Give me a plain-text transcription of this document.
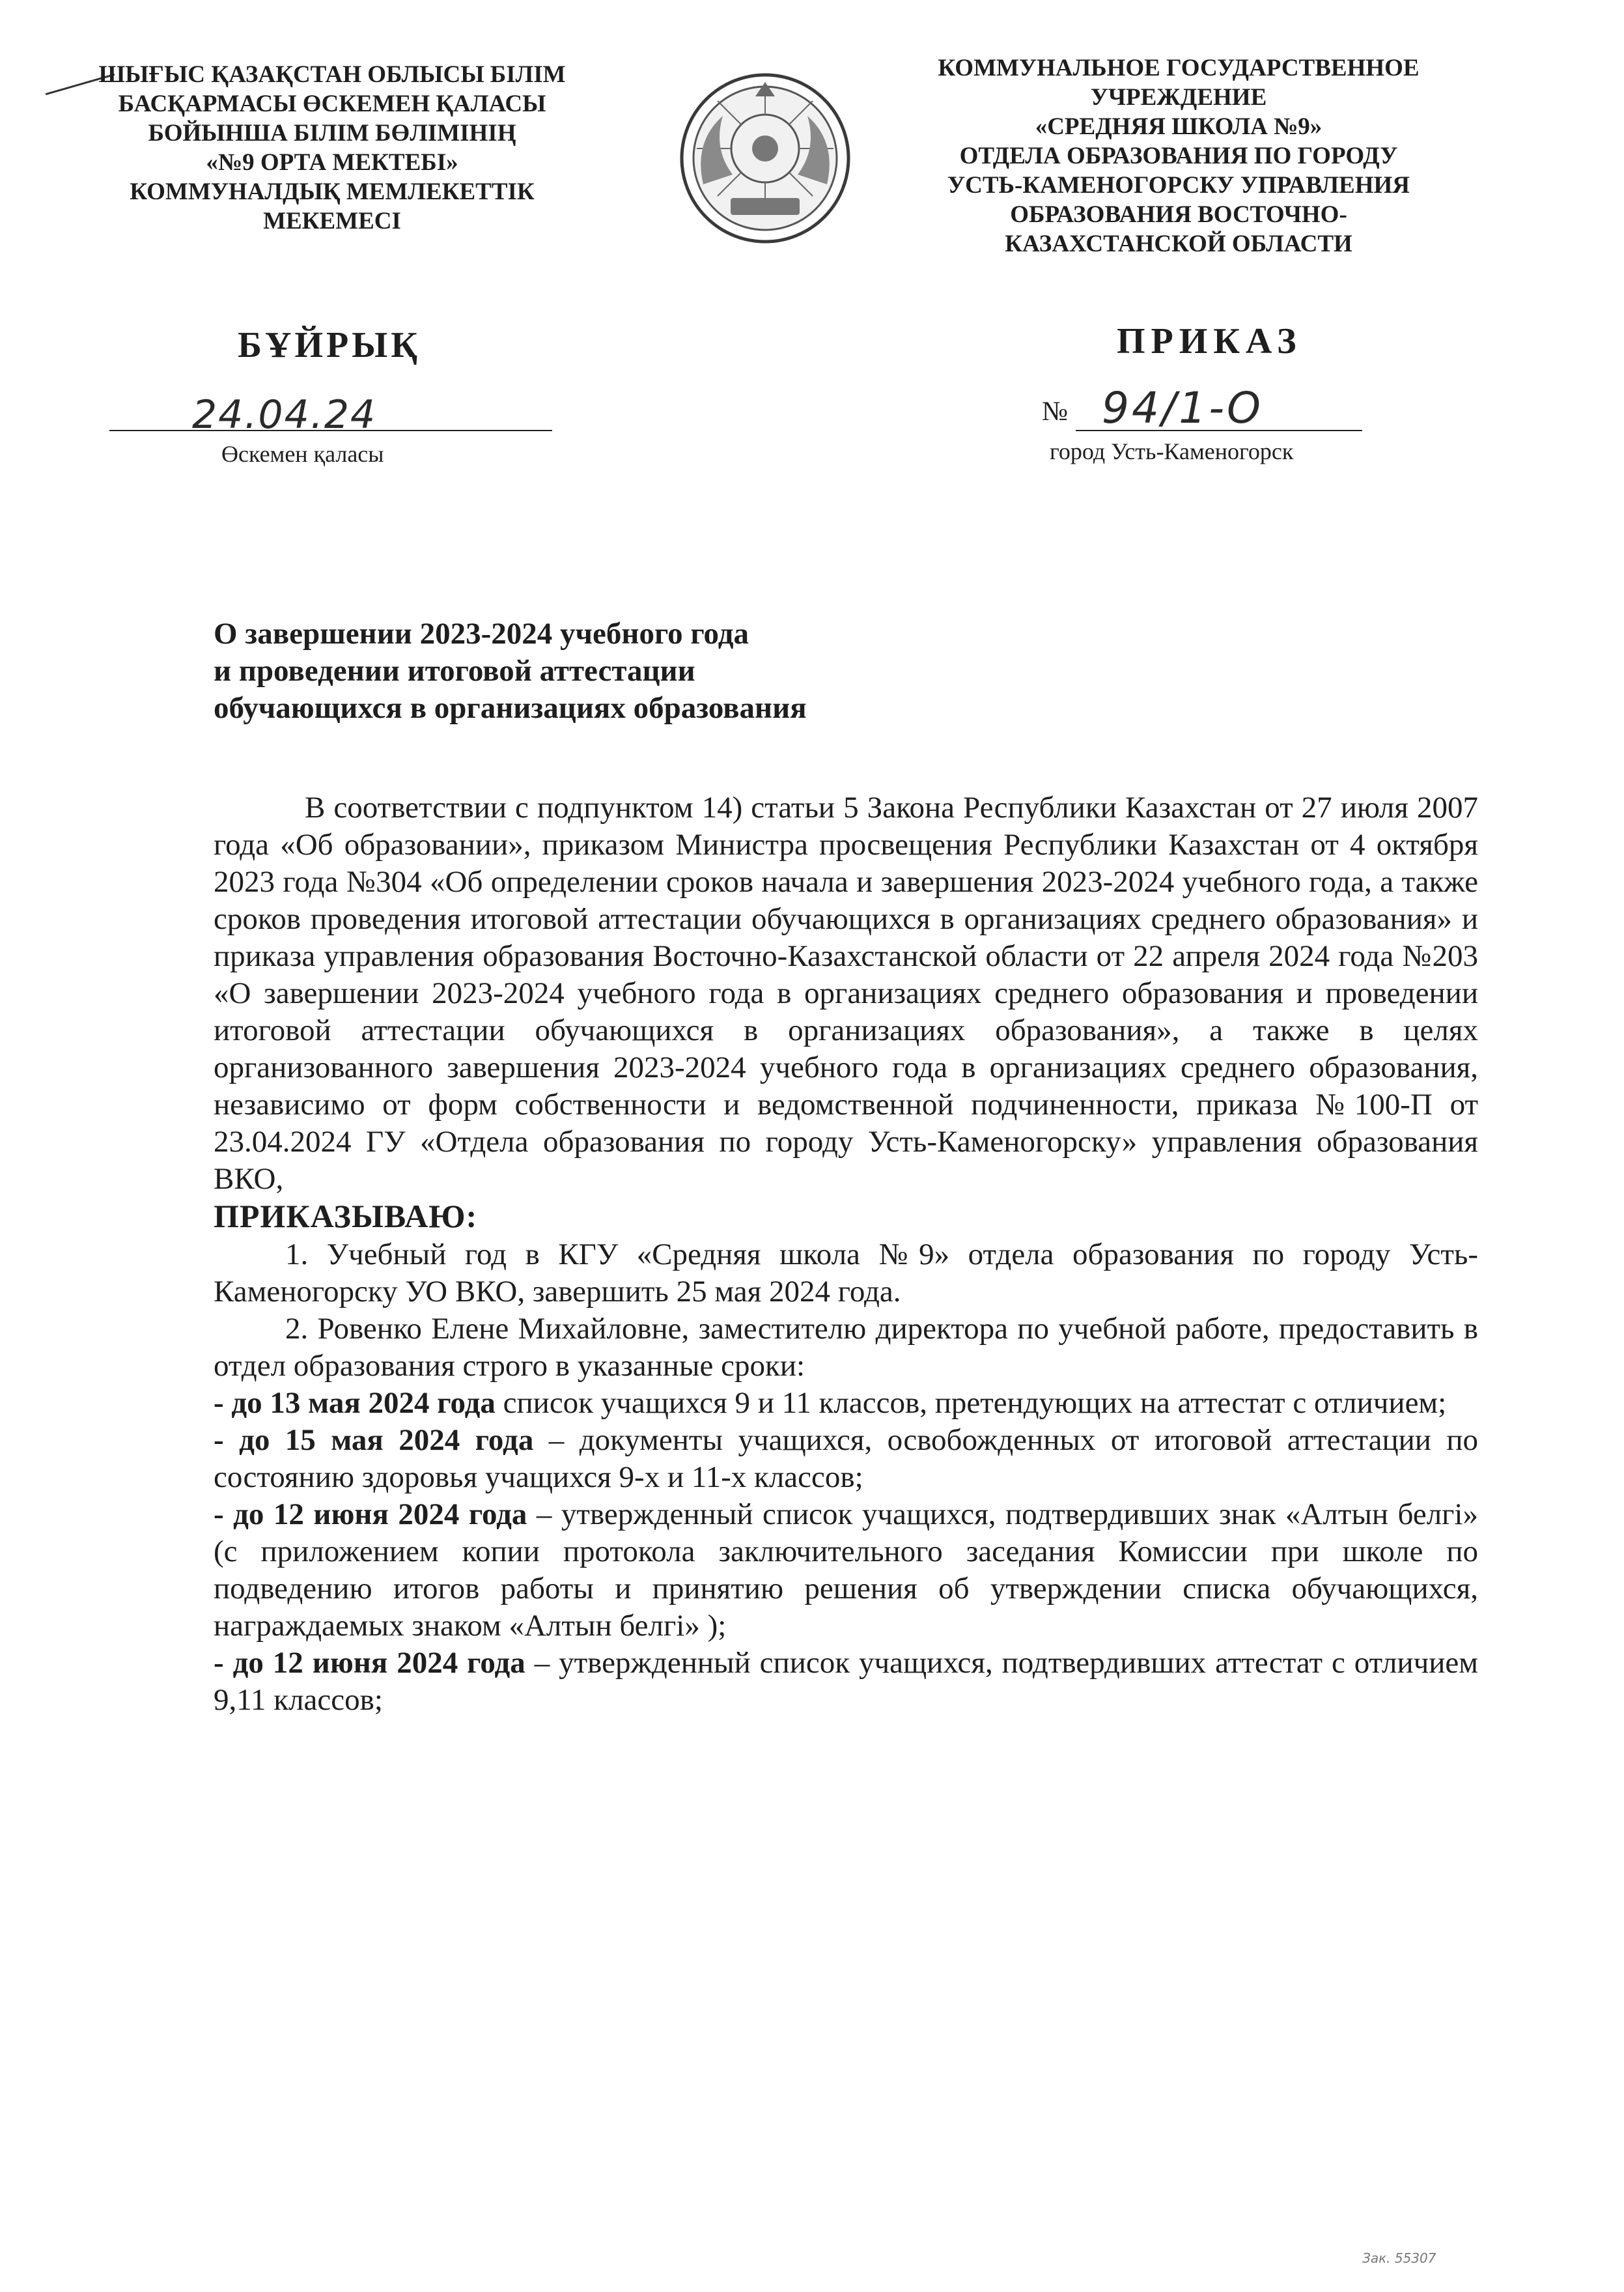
ШЫҒЫС ҚАЗАҚСТАН ОБЛЫСЫ БІЛІМ
БАСҚАРМАСЫ ӨСКЕМЕН ҚАЛАСЫ
БОЙЫНША БІЛІМ БӨЛІМІНІҢ
«№9 ОРТА МЕКТЕБІ»
КОММУНАЛДЫҚ МЕМЛЕКЕТТІК
МЕКЕМЕСІ
КОММУНАЛЬНОЕ ГОСУДАРСТВЕННОЕ
УЧРЕЖДЕНИЕ
«СРЕДНЯЯ ШКОЛА №9»
ОТДЕЛА ОБРАЗОВАНИЯ ПО ГОРОДУ
УСТЬ-КАМЕНОГОРСКУ УПРАВЛЕНИЯ
ОБРАЗОВАНИЯ ВОСТОЧНО-
КАЗАХСТАНСКОЙ ОБЛАСТИ
БҰЙРЫҚ	ПРИКАЗ
24.04.24
Өскемен қаласы
№ 94/1-О
город Усть-Каменогорск
О завершении 2023-2024 учебного года
и проведении итоговой аттестации
обучающихся в организациях образования

В соответствии с подпунктом 14) статьи 5 Закона Республики Казахстан от 27 июля 2007 года «Об образовании», приказом Министра просвещения Республики Казахстан от 4 октября 2023 года №304 «Об определении сроков начала и завершения 2023-2024 учебного года, а также сроков проведения итоговой аттестации обучающихся в организациях среднего образования» и приказа управления образования Восточно-Казахстанской области от 22 апреля 2024 года №203 «О завершении 2023-2024 учебного года в организациях среднего образования и проведении итоговой аттестации обучающихся в организациях образования», а также в целях организованного завершения 2023-2024 учебного года в организациях среднего образования, независимо от форм собственности и ведомственной подчиненности, приказа №100-П от 23.04.2024 ГУ «Отдела образования по городу Усть-Каменогорску» управления образования ВКО,
ПРИКАЗЫВАЮ:

1. Учебный год в КГУ «Средняя школа №9» отдела образования по городу Усть-Каменогорску УО ВКО, завершить 25 мая 2024 года.

2. Ровенко Елене Михайловне, заместителю директора по учебной работе, предоставить в отдел образования строго в указанные сроки:

- до 13 мая 2024 года список учащихся 9 и 11 классов, претендующих на аттестат с отличием;

- до 15 мая 2024 года – документы учащихся, освобожденных от итоговой аттестации по состоянию здоровья учащихся 9-х и 11-х классов;

- до 12 июня 2024 года – утвержденный список учащихся, подтвердивших знак «Алтын белгі» (с приложением копии протокола заключительного заседания Комиссии при школе по подведению итогов работы и принятию решения об утверждении списка обучающихся, награждаемых знаком «Алтын белгі» );

- до 12 июня 2024 года – утвержденный список учащихся, подтвердивших аттестат с отличием 9,11 классов;

Зак. 55307
